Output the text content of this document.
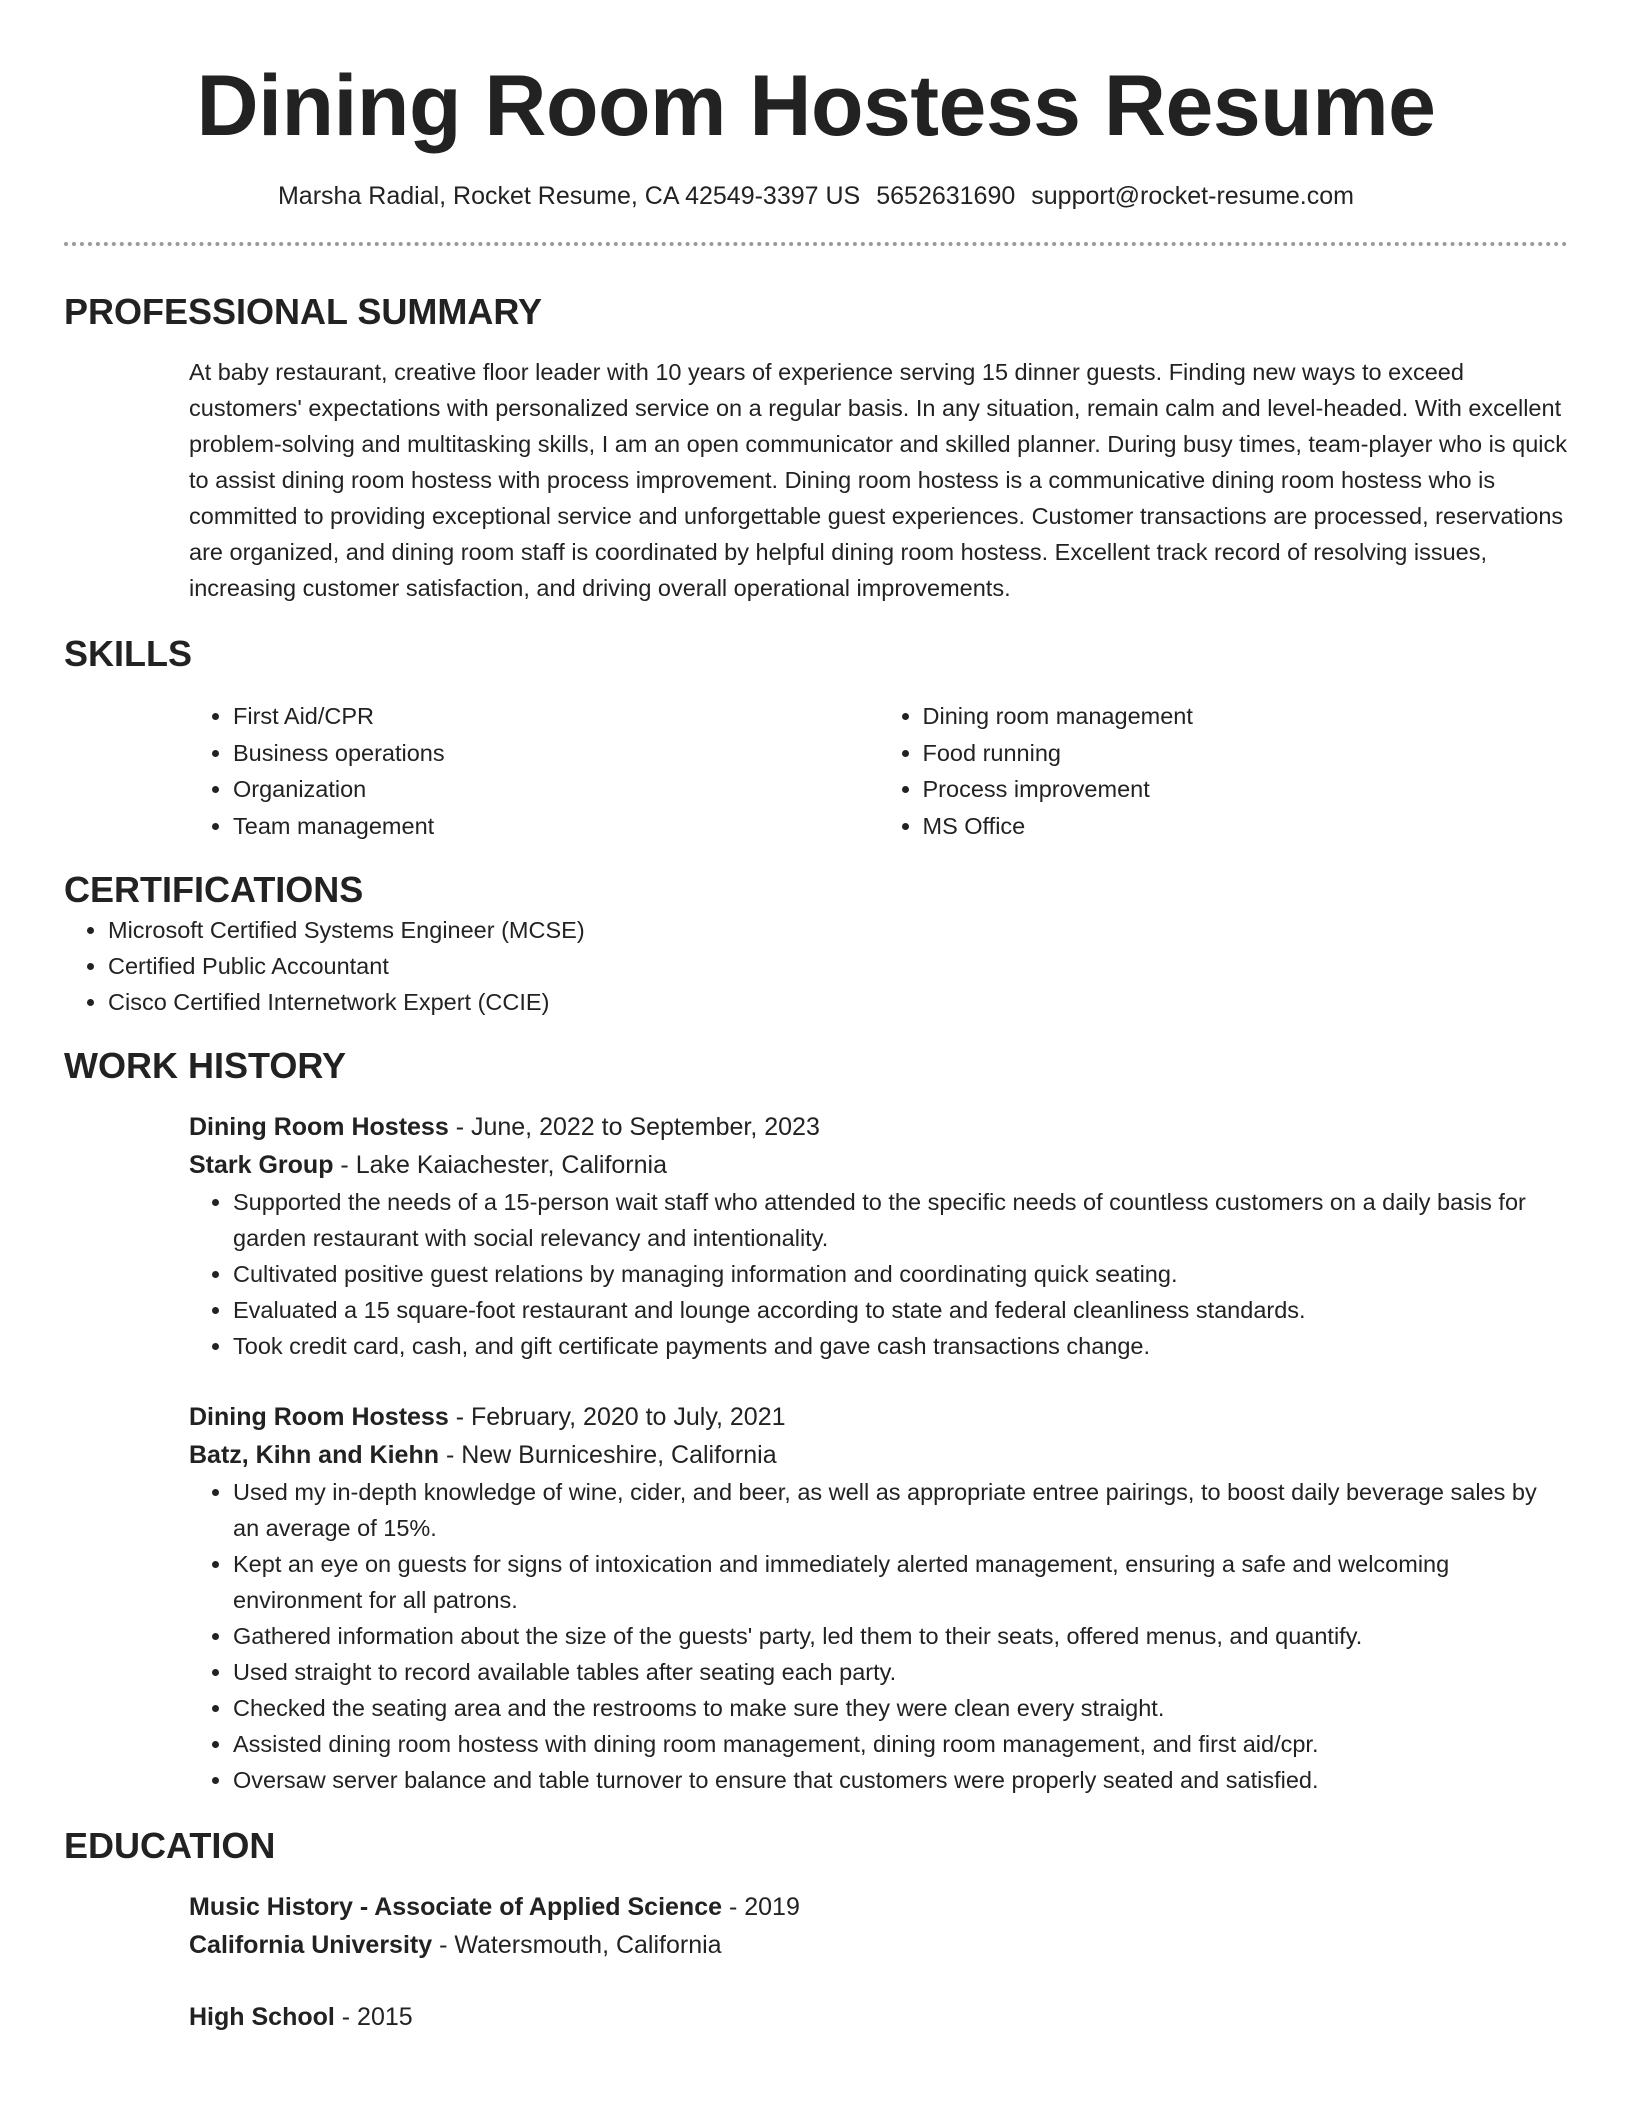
Dining Room Hostess Resume
Marsha Radial, Rocket Resume, CA 42549-3397 US 5652631690 support@rocket-resume.com
PROFESSIONAL SUMMARY

At baby restaurant, creative floor leader with 10 years of experience serving 15 dinner guests. Finding new ways to exceed customers' expectations with personalized service on a regular basis. In any situation, remain calm and level-headed. With excellent problem-solving and multitasking skills, I am an open communicator and skilled planner. During busy times, team-player who is quick to assist dining room hostess with process improvement. Dining room hostess is a communicative dining room hostess who is committed to providing exceptional service and unforgettable guest experiences. Customer transactions are processed, reservations are organized, and dining room staff is coordinated by helpful dining room hostess. Excellent track record of resolving issues, increasing customer satisfaction, and driving overall operational improvements.

SKILLS
• First Aid/CPR
• Business operations
• Organization
• Team management
• Dining room management
• Food running
• Process improvement
• MS Office
CERTIFICATIONS
• Microsoft Certified Systems Engineer (MCSE)
• Certified Public Accountant
• Cisco Certified Internetwork Expert (CCIE)
WORK HISTORY
Dining Room Hostess - June, 2022 to September, 2023
Stark Group - Lake Kaiachester, California
• Supported the needs of a 15-person wait staff who attended to the specific needs of countless customers on a daily basis for garden restaurant with social relevancy and intentionality.
• Cultivated positive guest relations by managing information and coordinating quick seating.
• Evaluated a 15 square-foot restaurant and lounge according to state and federal cleanliness standards.
• Took credit card, cash, and gift certificate payments and gave cash transactions change.
Dining Room Hostess - February, 2020 to July, 2021
Batz, Kihn and Kiehn - New Burniceshire, California
• Used my in-depth knowledge of wine, cider, and beer, as well as appropriate entree pairings, to boost daily beverage sales by an average of 15%.
• Kept an eye on guests for signs of intoxication and immediately alerted management, ensuring a safe and welcoming environment for all patrons.
• Gathered information about the size of the guests' party, led them to their seats, offered menus, and quantify.
• Used straight to record available tables after seating each party.
• Checked the seating area and the restrooms to make sure they were clean every straight.
• Assisted dining room hostess with dining room management, dining room management, and first aid/cpr.
• Oversaw server balance and table turnover to ensure that customers were properly seated and satisfied.
EDUCATION
Music History - Associate of Applied Science - 2019
California University - Watersmouth, California
High School - 2015
